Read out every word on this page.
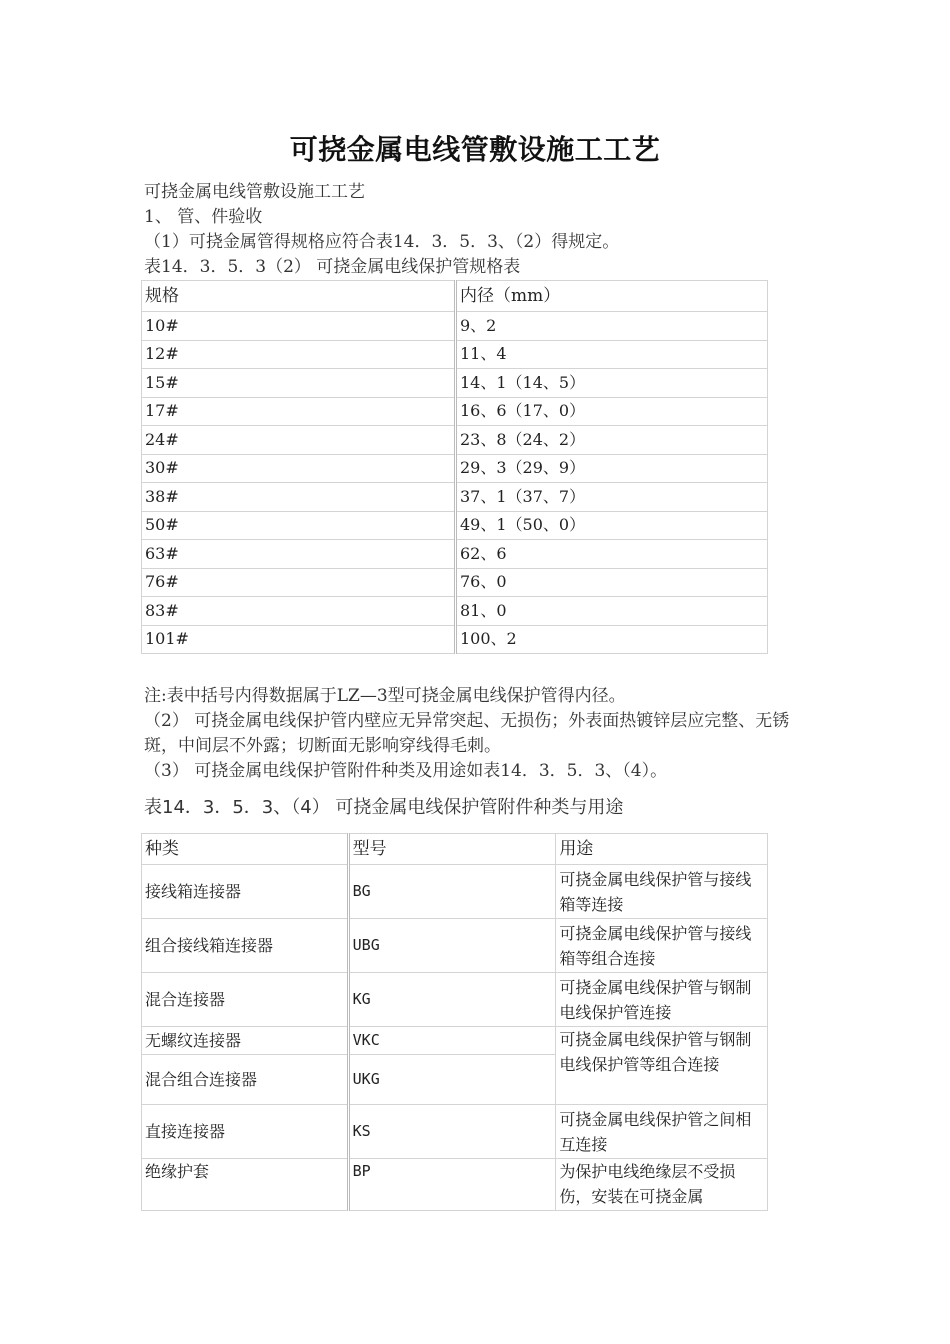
可挠金属电线管敷设施工工艺
可挠金属电线管敷设施工工艺
1、 管、件验收
（1）可挠金属管得规格应符合表14．3．5．3、（2）得规定。
表14．3．5．3（2） 可挠金属电线保护管规格表
规格	内径（mm）
10#	9、2
12#	11、4
15#	14、1（14、5）
17#	16、6（17、0）
24#	23、8（24、2）
30#	29、3（29、9）
38#	37、1（37、7）
50#	49、1（50、0）
63#	62、6
76#	76、0
83#	81、0
101#	100、2
注:表中括号内得数据属于LZ—3型可挠金属电线保护管得内径。
（2） 可挠金属电线保护管内壁应无异常突起、无损伤；外表面热镀锌层应完整、无锈斑，中间层不外露；切断面无影响穿线得毛刺。
（3） 可挠金属电线保护管附件种类及用途如表14．3．5．3、（4）。
表14．3．5．3、（4） 可挠金属电线保护管附件种类与用途
种类	型号	用途
接线箱连接器	BG	可挠金属电线保护管与接线箱等连接
组合接线箱连接器	UBG	可挠金属电线保护管与接线箱等组合连接
混合连接器	KG	可挠金属电线保护管与钢制电线保护管连接
无螺纹连接器	VKC	可挠金属电线保护管与钢制电线保护管等组合连接
混合组合连接器	UKG	
直接连接器	KS	可挠金属电线保护管之间相互连接
绝缘护套	BP	为保护电线绝缘层不受损伤，安装在可挠金属
